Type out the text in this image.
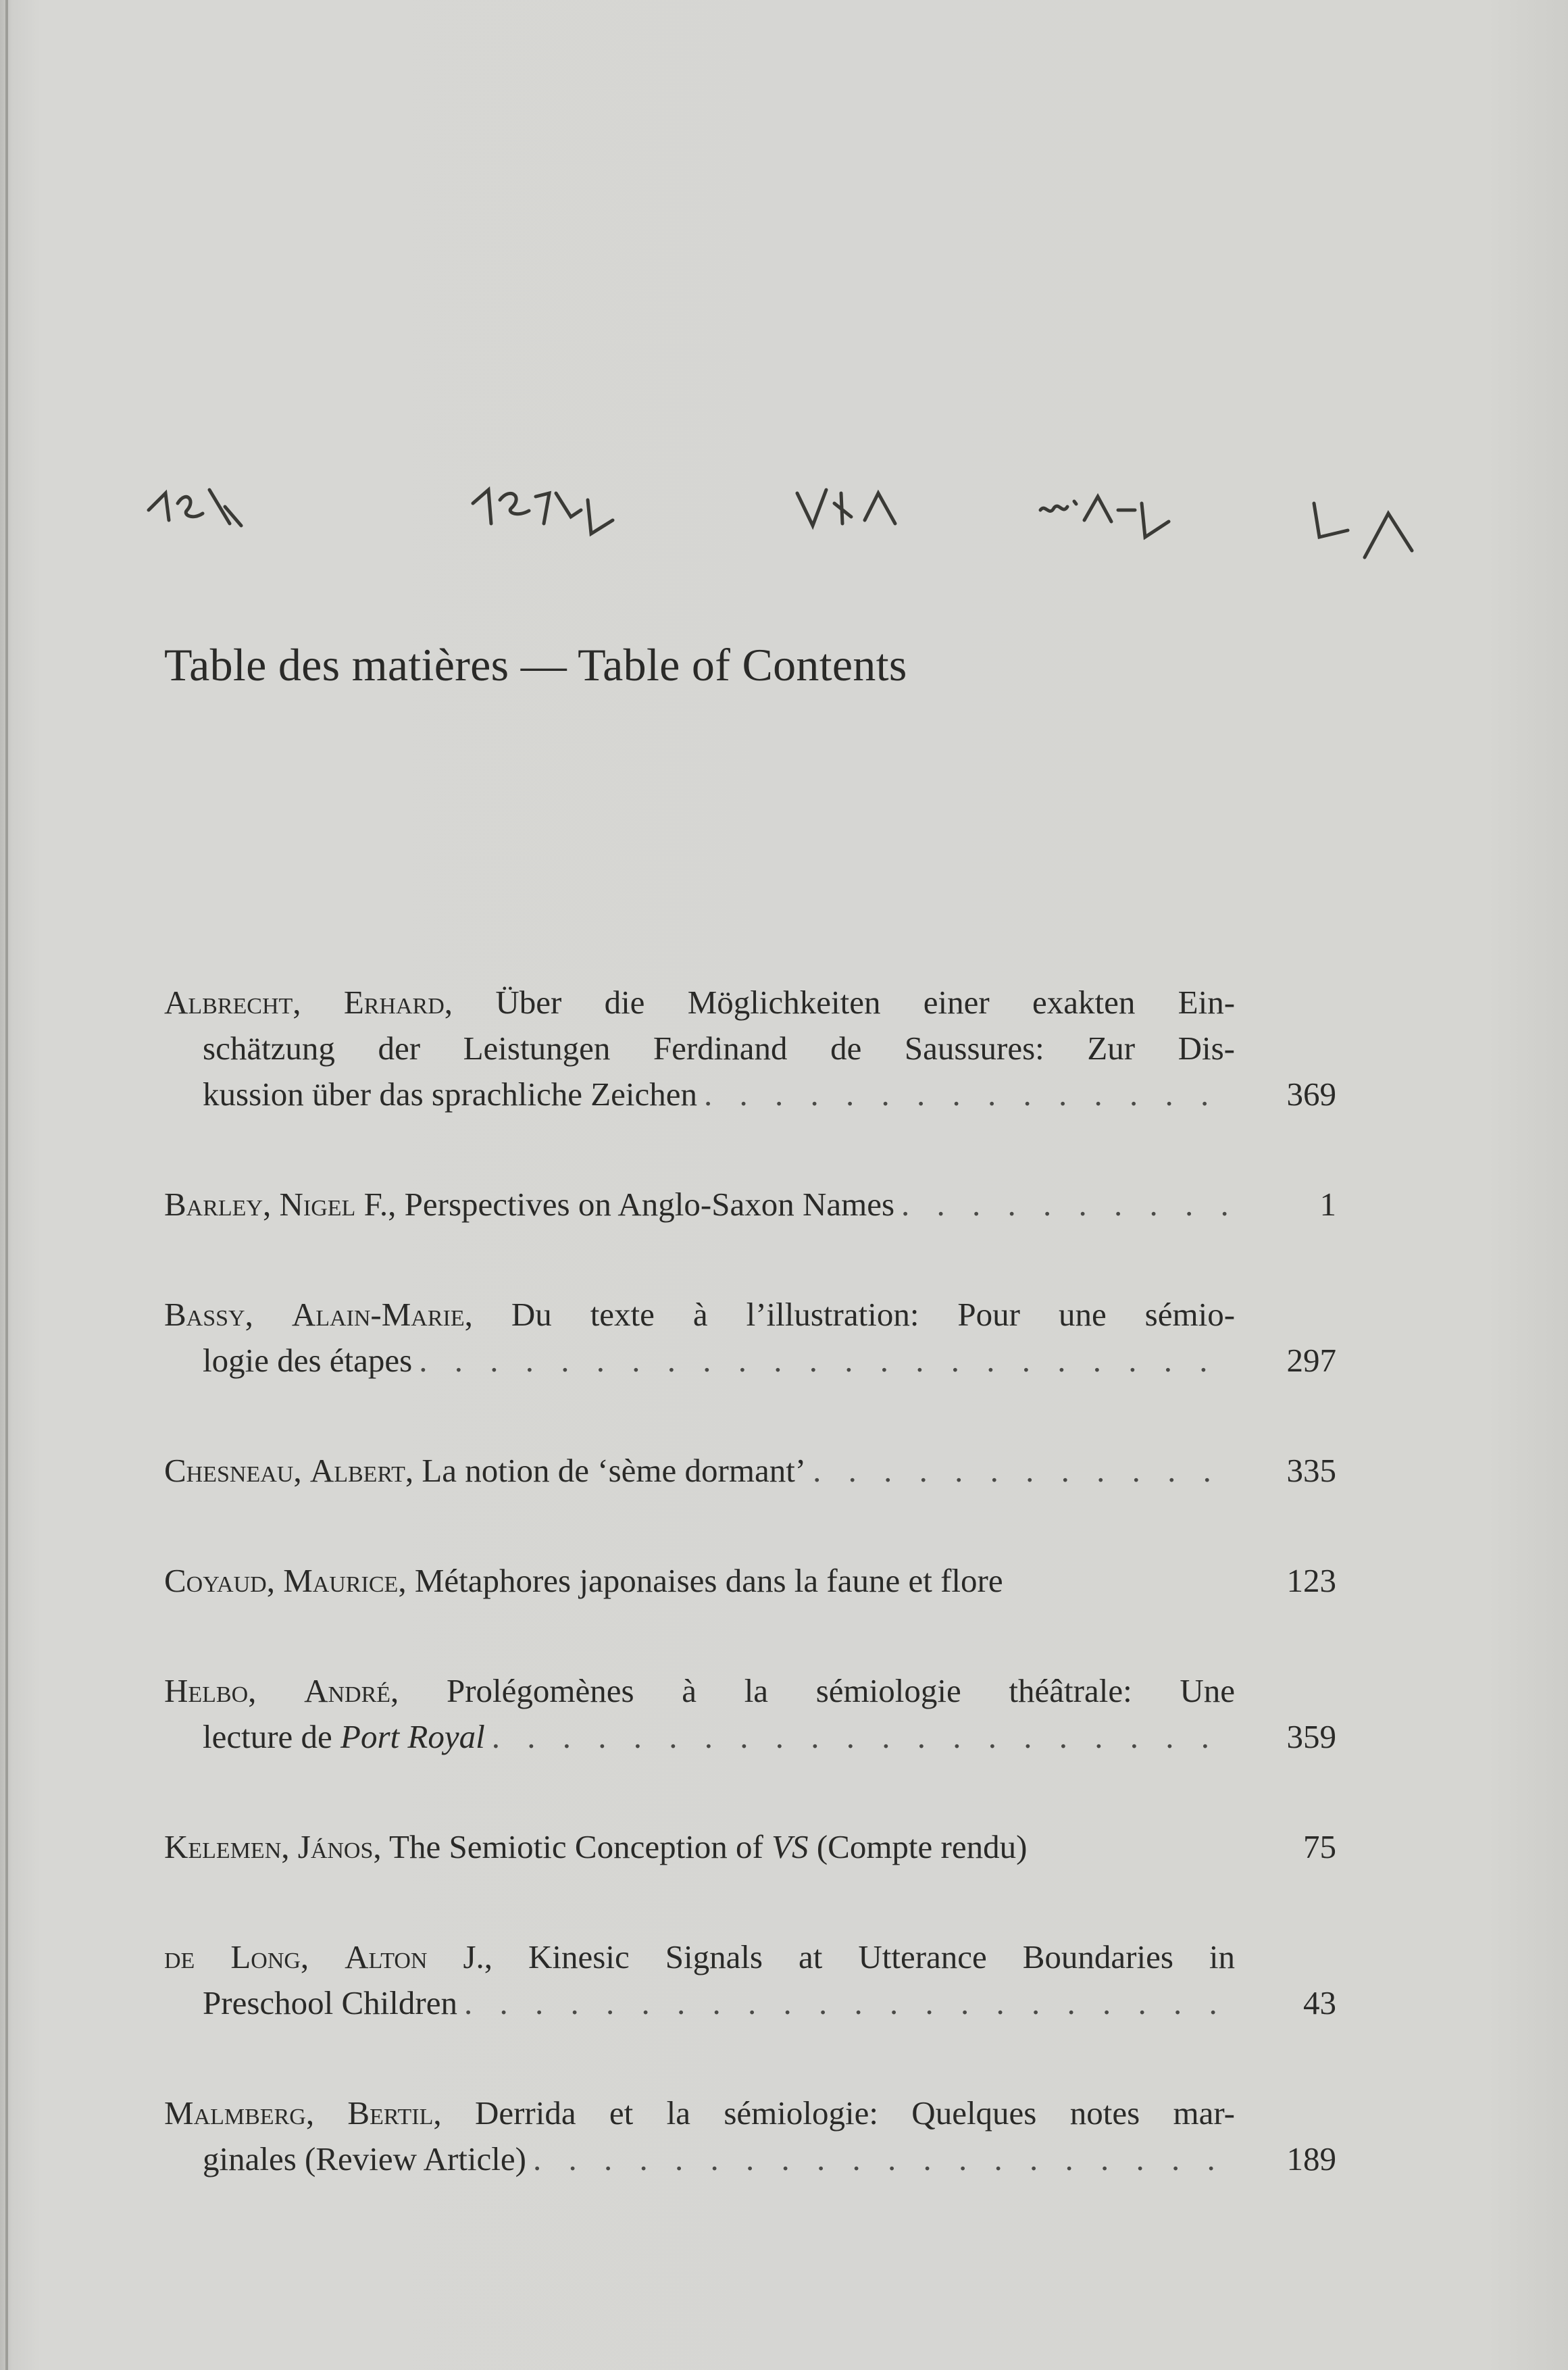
Table des matières — Table of Contents
Albrecht, Erhard, Über die Möglichkeiten einer exakten Ein-
schätzung der Leistungen Ferdinand de Saussures: Zur Dis-
kussion über das sprachliche Zeichen . . .	369
Barley, Nigel F., Perspectives on Anglo-Saxon Names . . .	1
Bassy, Alain-Marie, Du texte à l’illustration: Pour une sémio-
logie des étapes . . .	297
Chesneau, Albert, La notion de ‘sème dormant’ . . .	335
Coyaud, Maurice, Métaphores japonaises dans la faune et flore	123
Helbo, André, Prolégomènes à la sémiologie théâtrale: Une
lecture de Port Royal . . .	359
Kelemen, János, The Semiotic Conception of VS (Compte rendu)	75
de Long, Alton J., Kinesic Signals at Utterance Boundaries in
Preschool Children . . .	43
Malmberg, Bertil, Derrida et la sémiologie: Quelques notes mar-
ginales (Review Article) . . .	189
